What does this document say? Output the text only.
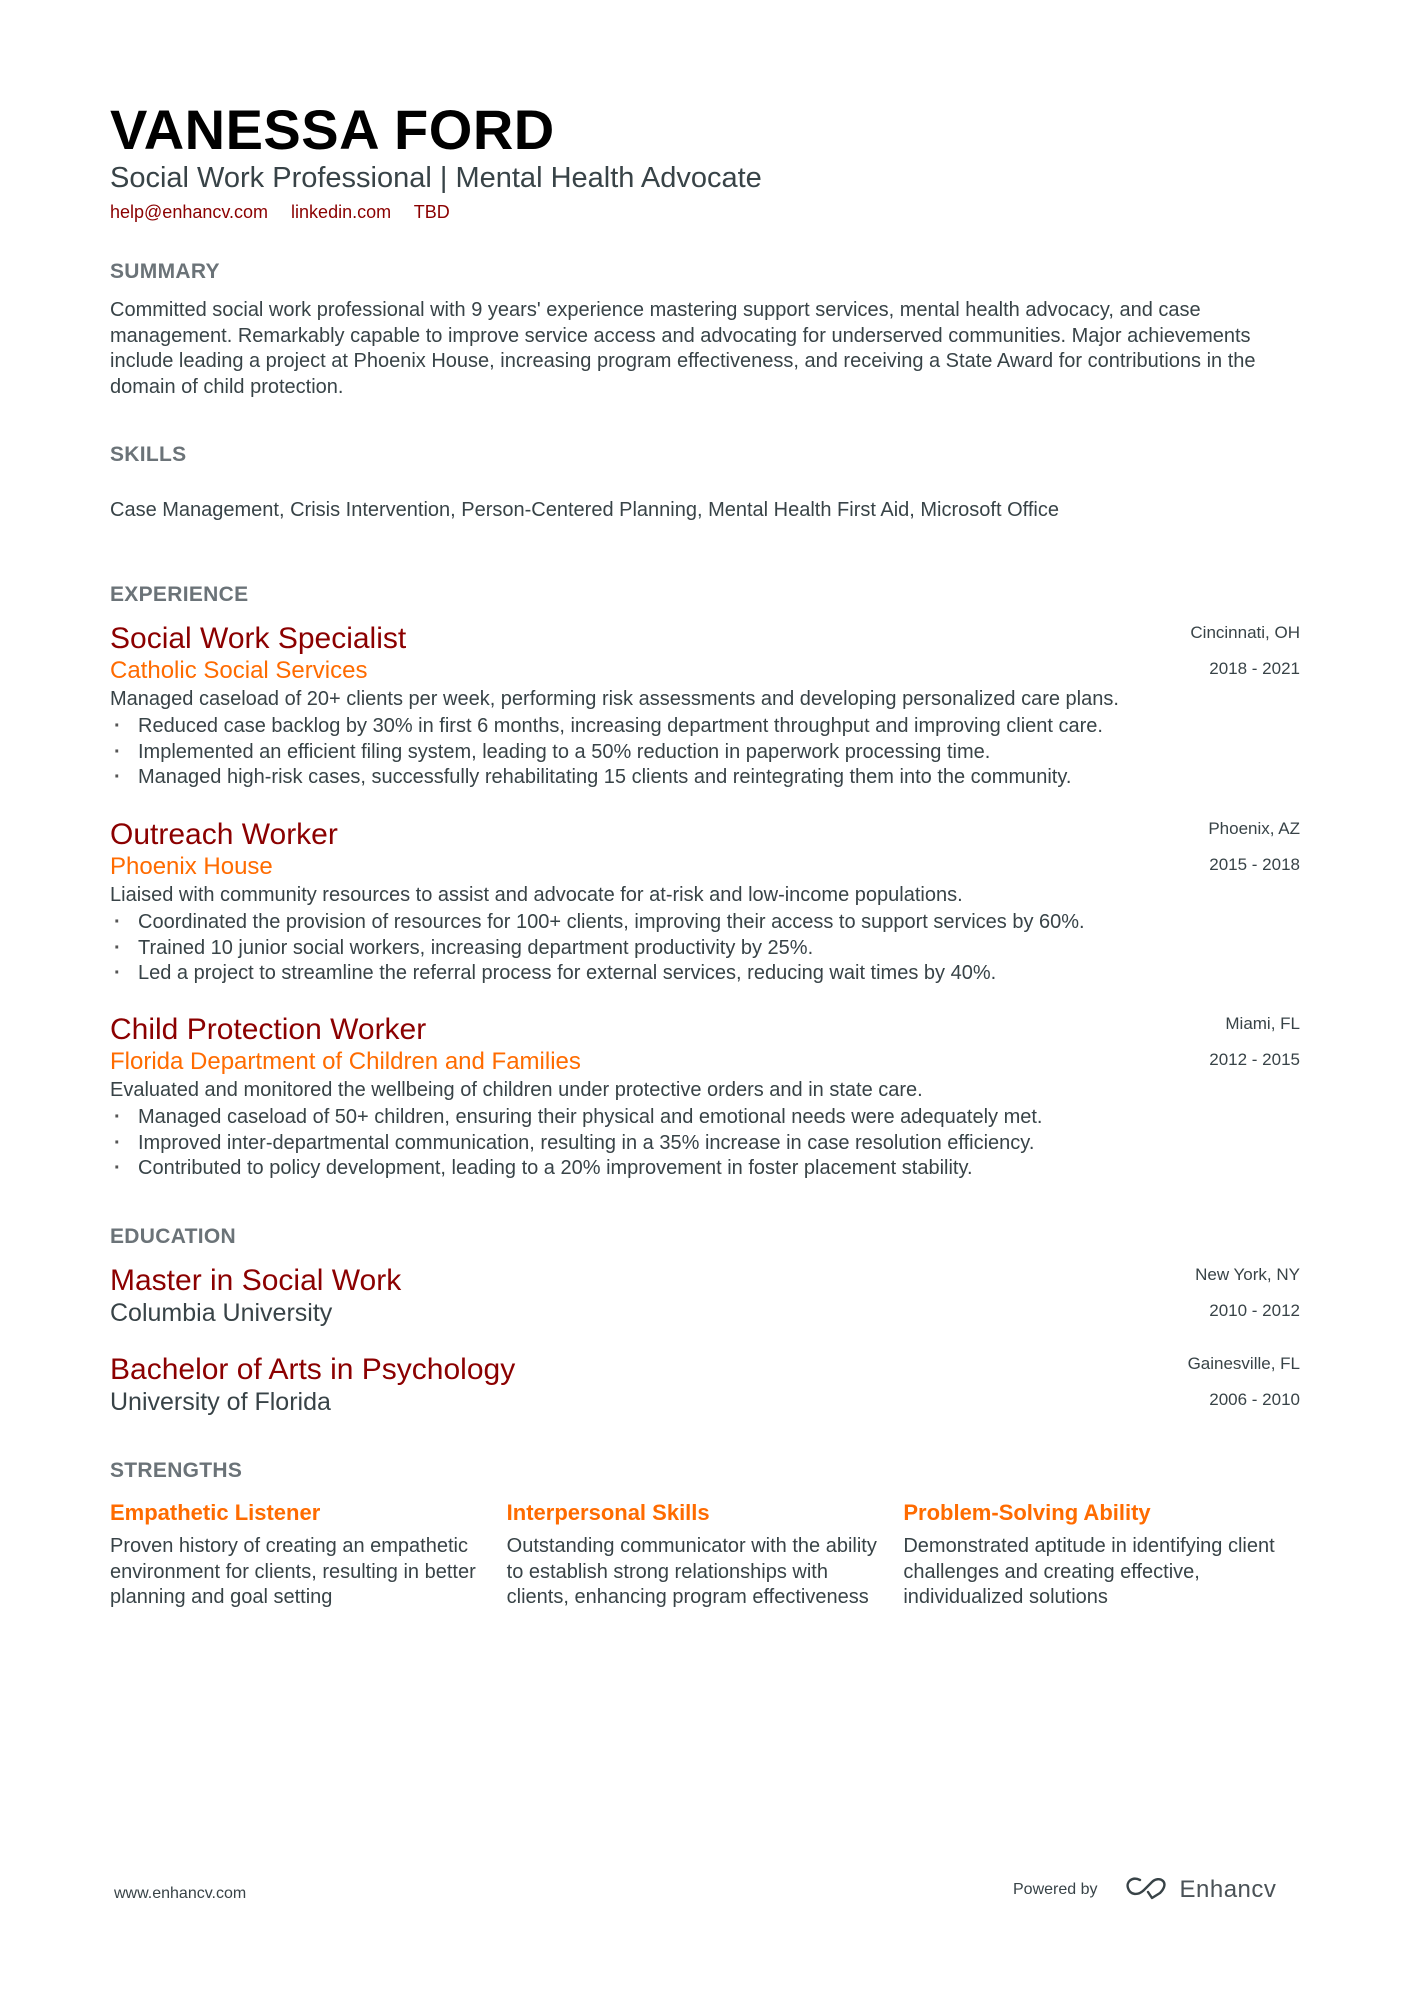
VANESSA FORD
Social Work Professional | Mental Health Advocate
help@enhancv.com linkedin.com TBD
SUMMARY
Committed social work professional with 9 years' experience mastering support services, mental health advocacy, and case management. Remarkably capable to improve service access and advocating for underserved communities. Major achievements include leading a project at Phoenix House, increasing program effectiveness, and receiving a State Award for contributions in the domain of child protection.
SKILLS
Case Management, Crisis Intervention, Person-Centered Planning, Mental Health First Aid, Microsoft Office
EXPERIENCE
Cincinnati, OH
2018 - 2021
Social Work Specialist
Catholic Social Services
Managed caseload of 20+ clients per week, performing risk assessments and developing personalized care plans.
· Reduced case backlog by 30% in first 6 months, increasing department throughput and improving client care.
· Implemented an efficient filing system, leading to a 50% reduction in paperwork processing time.
· Managed high-risk cases, successfully rehabilitating 15 clients and reintegrating them into the community.
Phoenix, AZ
2015 - 2018
Outreach Worker
Phoenix House
Liaised with community resources to assist and advocate for at-risk and low-income populations.
· Coordinated the provision of resources for 100+ clients, improving their access to support services by 60%.
· Trained 10 junior social workers, increasing department productivity by 25%.
· Led a project to streamline the referral process for external services, reducing wait times by 40%.
Miami, FL
2012 - 2015
Child Protection Worker
Florida Department of Children and Families
Evaluated and monitored the wellbeing of children under protective orders and in state care.
· Managed caseload of 50+ children, ensuring their physical and emotional needs were adequately met.
· Improved inter-departmental communication, resulting in a 35% increase in case resolution efficiency.
· Contributed to policy development, leading to a 20% improvement in foster placement stability.
EDUCATION
New York, NY
2010 - 2012
Master in Social Work
Columbia University
Gainesville, FL
2006 - 2010
Bachelor of Arts in Psychology
University of Florida
STRENGTHS
Empathetic Listener
Proven history of creating an empathetic environment for clients, resulting in better planning and goal setting
Interpersonal Skills
Outstanding communicator with the ability to establish strong relationships with clients, enhancing program effectiveness
Problem-Solving Ability
Demonstrated aptitude in identifying client challenges and creating effective, individualized solutions
www.enhancv.com	Powered by	Enhancv
